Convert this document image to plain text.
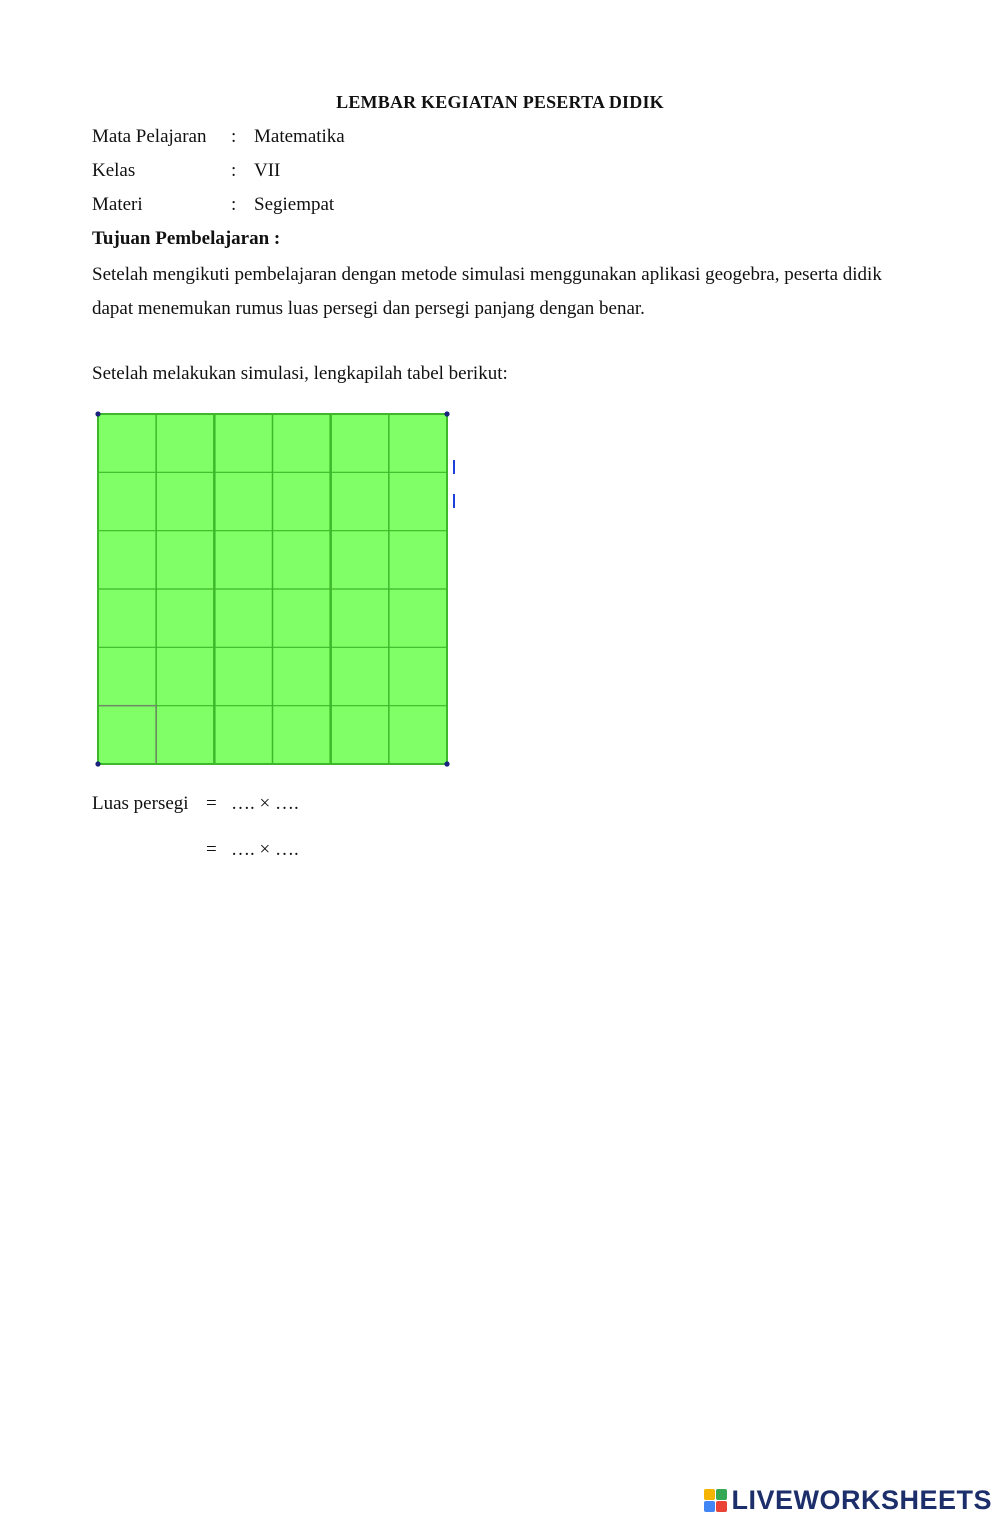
LEMBAR KEGIATAN PESERTA DIDIK
Mata Pelajaran : Matematika
Kelas	: VII
Materi	: Segiempat
Tujuan Pembelajaran :
Setelah mengikuti pembelajaran dengan metode simulasi menggunakan aplikasi geogebra, peserta didik dapat menemukan rumus luas persegi dan persegi panjang dengan benar.
Setelah melakukan simulasi, lengkapilah tabel berikut:
Luas persegi = …. × ….
= …. × ….
LIVEWORKSHEETS
